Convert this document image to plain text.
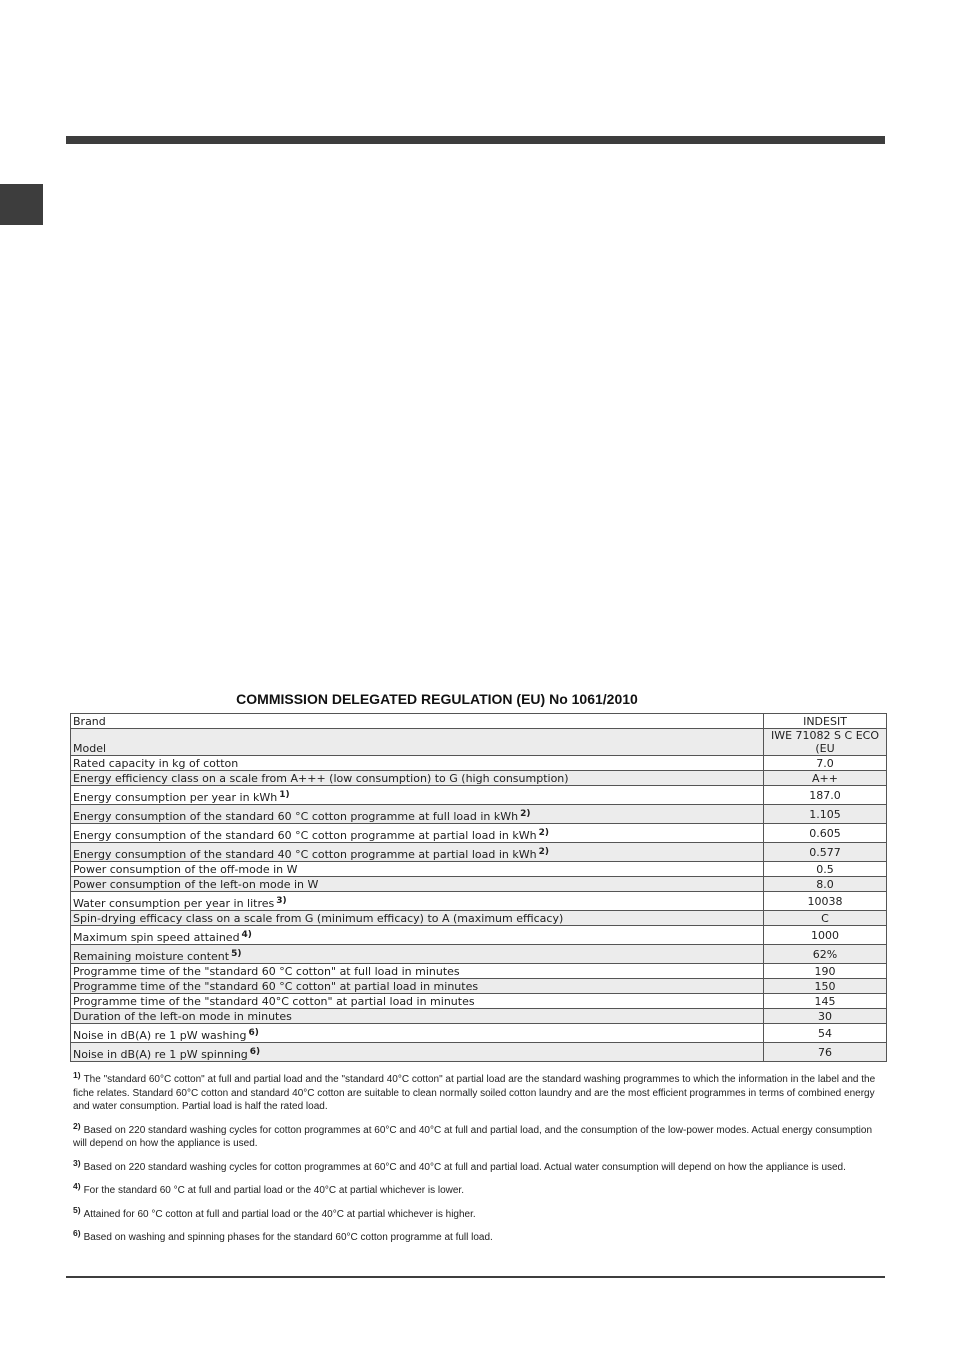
COMMISSION DELEGATED REGULATION (EU) No 1061/2010
Brand	INDESIT
Model	IWE 71082 S C ECO (EU
Rated capacity in kg of cotton	7.0
Energy efficiency class on a scale from A+++ (low consumption) to G (high consumption)	A++
Energy consumption per year in kWh $^{1)}$	187.0
Energy consumption of the standard 60 °C cotton programme at full load in kWh $^{2)}$	1.105
Energy consumption of the standard 60 °C cotton programme at partial load in kWh $^{2)}$	0.605
Energy consumption of the standard 40 °C cotton programme at partial load in kWh $^{2)}$	0.577
Power consumption of the off-mode in W	0.5
Power consumption of the left-on mode in W	8.0
Water consumption per year in litres $^{3)}$	10038
Spin-drying efficacy class on a scale from G (minimum efficacy) to A (maximum efficacy)	C
Maximum spin speed attained $^{4)}$	1000
Remaining moisture content $^{5)}$	62%
Programme time of the "standard 60 °C cotton" at full load in minutes	190
Programme time of the "standard 60 °C cotton" at partial load in minutes	150
Programme time of the "standard 40°C cotton" at partial load in minutes	145
Duration of the left-on mode in minutes	30
Noise in dB(A) re 1 pW washing $^{6)}$	54
Noise in dB(A) re 1 pW spinning $^{6)}$	76
$^{1)}$ The "standard 60°C cotton" at full and partial load and the "standard 40°C cotton" at partial load are the standard washing programmes to which the information in the label and the fiche relates. Standard 60°C cotton and standard 40°C cotton are suitable to clean normally soiled cotton laundry and are the most efficient programmes in terms of combined energy and water consumption. Partial load is half the rated load.
$^{2)}$ Based on 220 standard washing cycles for cotton programmes at 60°C and 40°C at full and partial load, and the consumption of the low-power modes. Actual energy consumption will depend on how the appliance is used.
$^{3)}$ Based on 220 standard washing cycles for cotton programmes at 60°C and 40°C at full and partial load. Actual water consumption will depend on how the appliance is used.
$^{4)}$ For the standard 60 °C at full and partial load or the 40°C at partial whichever is lower.
$^{5)}$ Attained for 60 °C cotton at full and partial load or the 40°C at partial whichever is higher.
$^{6)}$ Based on washing and spinning phases for the standard 60°C cotton programme at full load.
